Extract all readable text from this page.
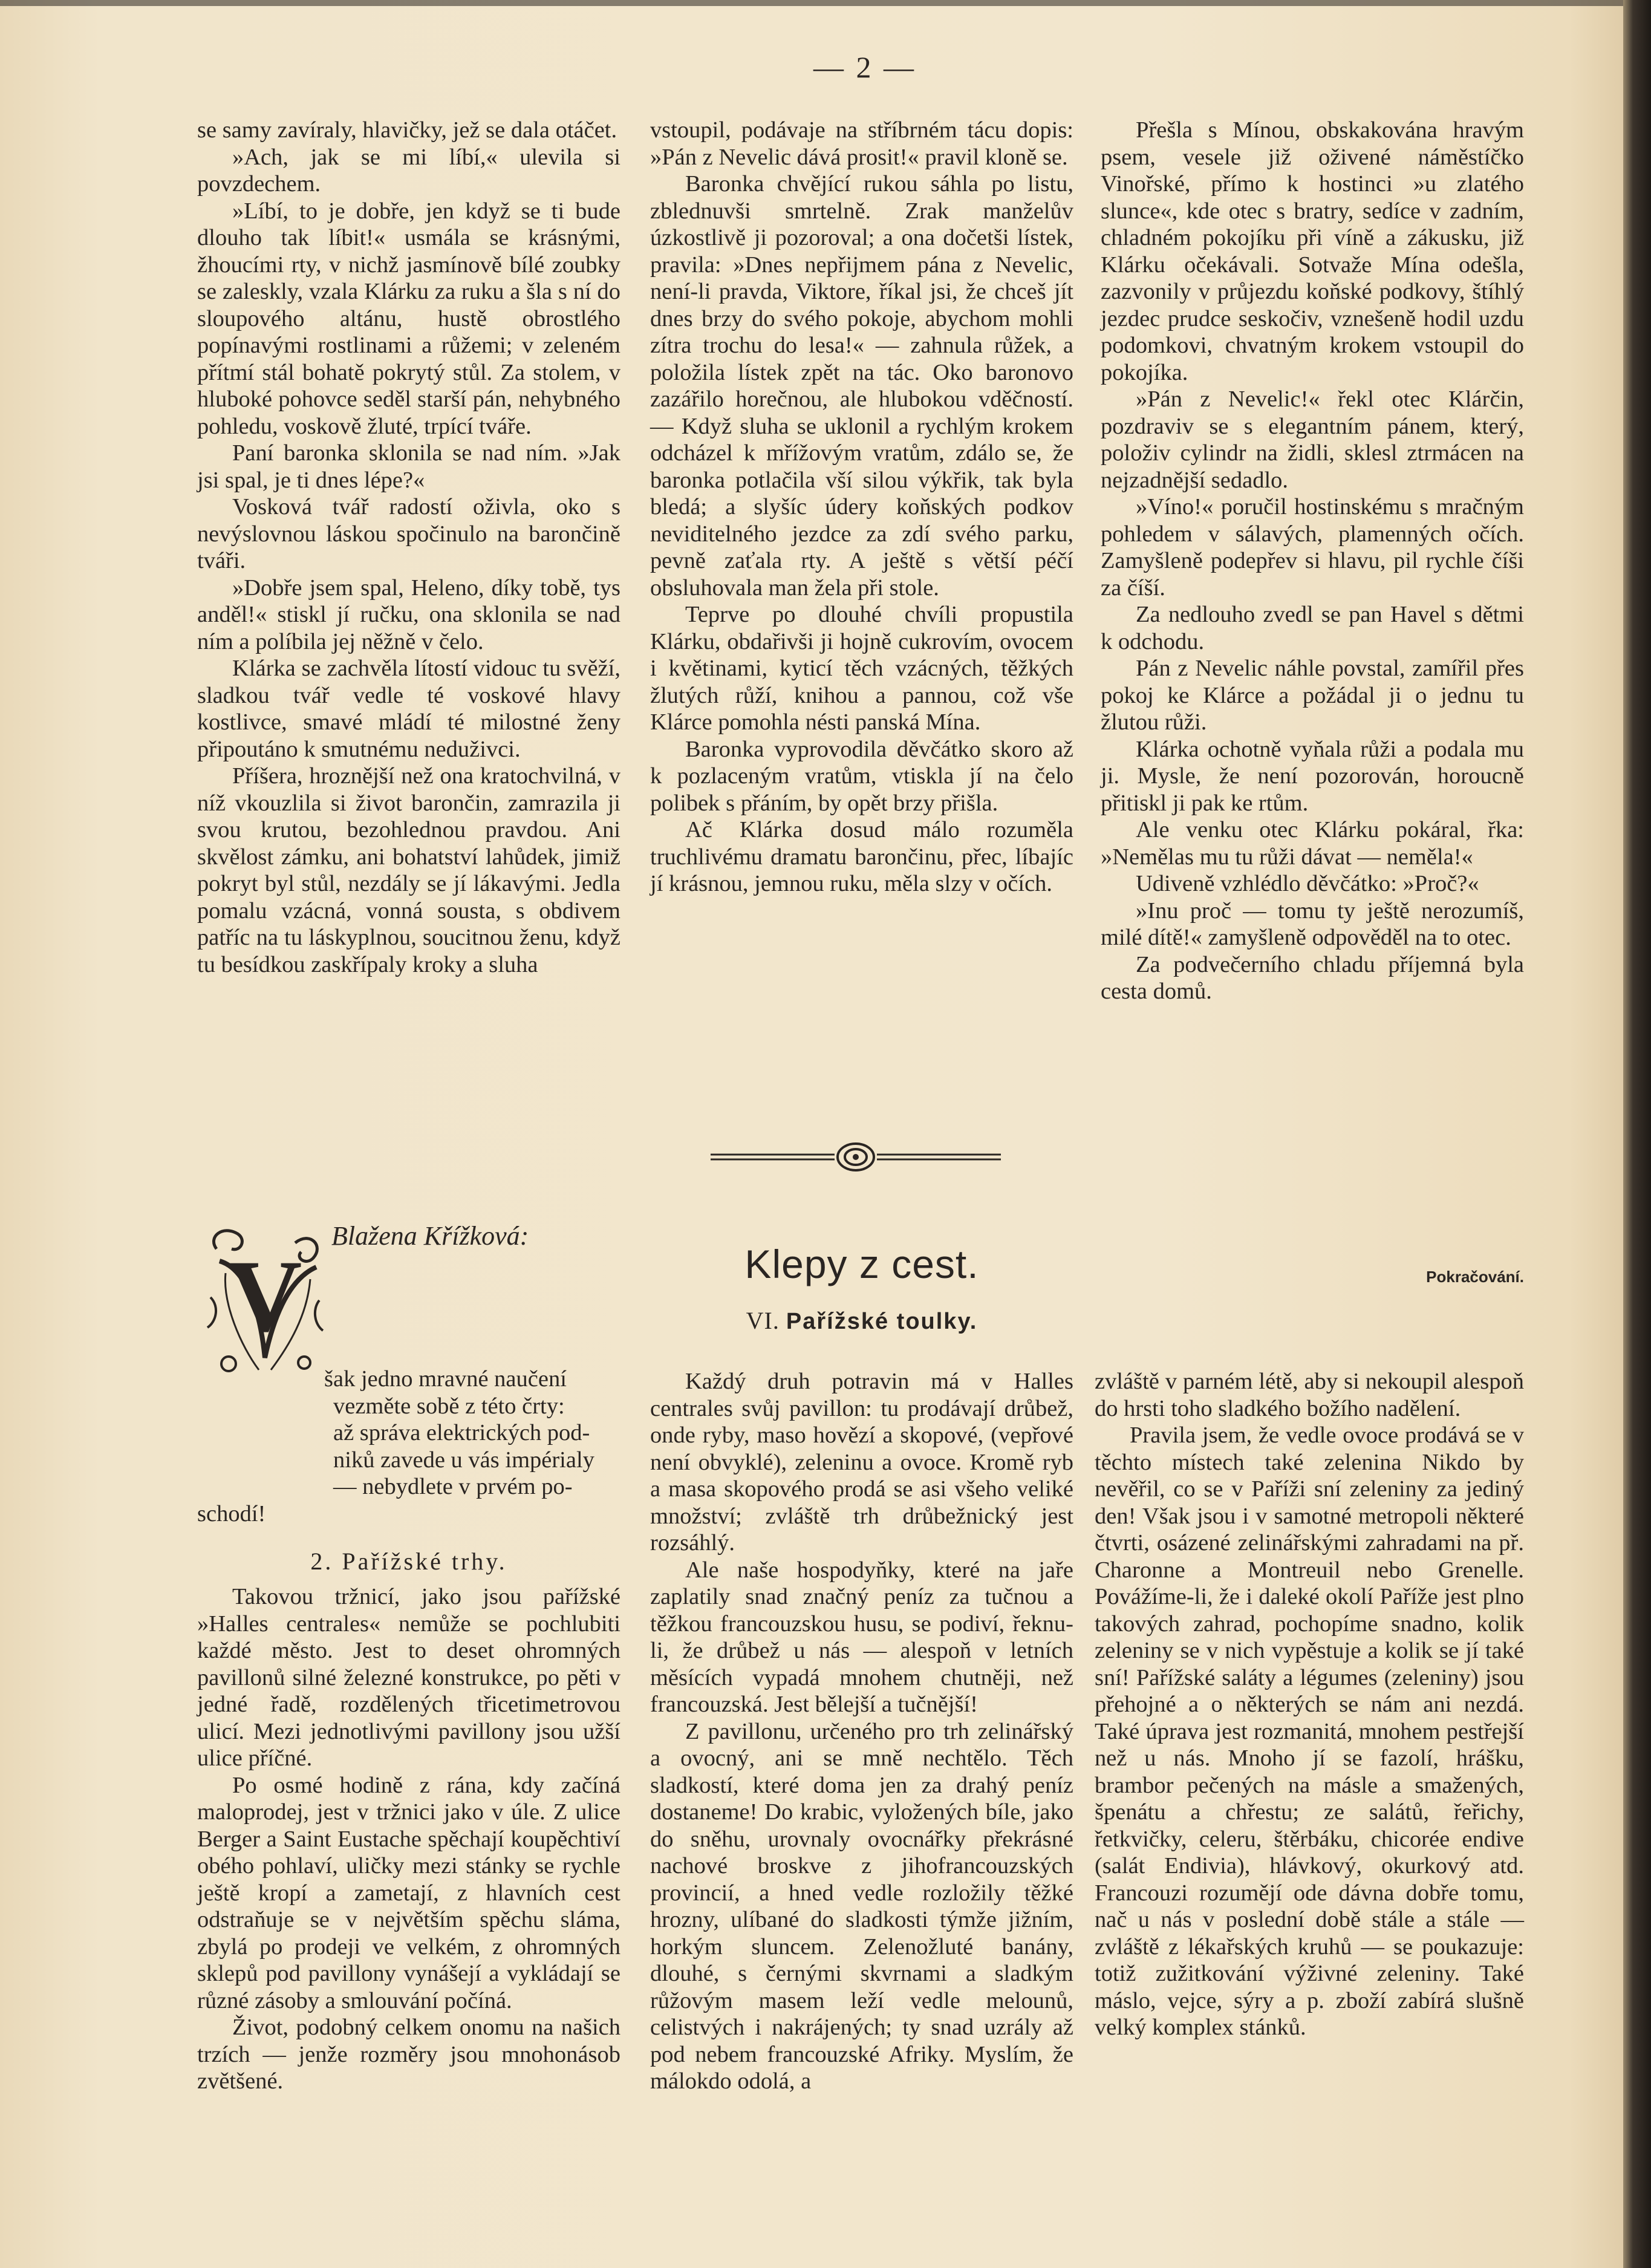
— 2 —

se samy zavíraly, hlavičky, jež se dala otáčet.

»Ach, jak se mi líbí,« ulevila si povzdechem.

»Líbí, to je dobře, jen když se ti bude dlouho tak líbit!« usmála se krásnými, žhoucími rty, v nichž jasmínově bílé zoubky se zaleskly, vzala Klárku za ruku a šla s ní do sloupového altánu, hustě obrostlého popínavými rostlinami a růžemi; v zeleném přítmí stál bohatě pokrytý stůl. Za stolem, v hluboké pohovce seděl starší pán, nehybného pohledu, voskově žluté, trpící tváře.

Paní baronka sklonila se nad ním. »Jak jsi spal, je ti dnes lépe?«

Vosková tvář radostí oživla, oko s nevýslovnou láskou spočinulo na barončině tváři.

»Dobře jsem spal, Heleno, díky tobě, tys anděl!« stiskl jí ručku, ona sklonila se nad ním a políbila jej něžně v čelo.

Klárka se zachvěla lítostí vidouc tu svěží, sladkou tvář vedle té voskové hlavy kostlivce, smavé mládí té milostné ženy připoutáno k smutnému neduživci.

Příšera, hroznější než ona kratochvilná, v níž vkouzlila si život barončin, zamrazila ji svou krutou, bezohlednou pravdou. Ani skvělost zámku, ani bohatství lahůdek, jimiž pokryt byl stůl, nezdály se jí lákavými. Jedla pomalu vzácná, vonná sousta, s obdivem patříc na tu láskyplnou, soucitnou ženu, když tu besídkou zaskřípaly kroky a sluha

vstoupil, podávaje na stříbrném tácu dopis: »Pán z Nevelic dává prosit!« pravil kloně se.

Baronka chvějící rukou sáhla po listu, zblednuvši smrtelně. Zrak manželův úzkostlivě ji pozoroval; a ona dočetši lístek, pravila: »Dnes nepřijmem pána z Nevelic, není-li pravda, Viktore, říkal jsi, že chceš jít dnes brzy do svého pokoje, abychom mohli zítra trochu do lesa!« — zahnula růžek, a položila lístek zpět na tác. Oko baronovo zazářilo horečnou, ale hlubokou vděčností. — Když sluha se uklonil a rychlým krokem odcházel k mřížovým vratům, zdálo se, že baronka potlačila vší silou výkřik, tak byla bledá; a slyšíc údery koňských podkov neviditelného jezdce za zdí svého parku, pevně zaťala rty. A ještě s větší péčí obsluhovala man žela při stole.

Teprve po dlouhé chvíli propustila Klárku, obdařivši ji hojně cukrovím, ovocem i květinami, kyticí těch vzácných, těžkých žlutých růží, knihou a pannou, což vše Klárce pomohla nésti panská Mína.

Baronka vyprovodila děvčátko skoro až k pozlaceným vratům, vtiskla jí na čelo polibek s přáním, by opět brzy přišla.

Ač Klárka dosud málo rozuměla truchlivému dramatu barončinu, přec, líbajíc jí krásnou, jemnou ruku, měla slzy v očích.

Přešla s Mínou, obskakována hravým psem, vesele již oživené náměstíčko Vinořské, přímo k hostinci »u zlatého slunce«, kde otec s bratry, sedíce v zadním, chladném pokojíku při víně a zákusku, již Klárku očekávali. Sotvaže Mína odešla, zazvonily v průjezdu koňské podkovy, štíhlý jezdec prudce seskočiv, vznešeně hodil uzdu podomkovi, chvatným krokem vstoupil do pokojíka.

»Pán z Nevelic!« řekl otec Klárčin, pozdraviv se s elegantním pánem, který, položiv cylindr na židli, sklesl ztrmácen na nejzadnější sedadlo.

»Víno!« poručil hostinskému s mračným pohledem v sálavých, plamenných očích. Zamyšleně podepřev si hlavu, pil rychle číši za číší.

Za nedlouho zvedl se pan Havel s dětmi k odchodu.

Pán z Nevelic náhle povstal, zamířil přes pokoj ke Klárce a požádal ji o jednu tu žlutou růži.

Klárka ochotně vyňala růži a podala mu ji. Mysle, že není pozorován, horoucně přitiskl ji pak ke rtům.

Ale venku otec Klárku pokáral, řka: »Nemělas mu tu růži dávat — neměla!«

Udiveně vzhlédlo děvčátko: »Proč?«

»Inu proč — tomu ty ještě nerozumíš, milé dítě!« zamyšleně odpověděl na to otec.

Za podvečerního chladu příjemná byla cesta domů.

Blažena Křížková:
V
šak jedno mravné naučení
vezměte sobě z této črty:
až správa elektrických pod-
niků zavede u vás impérialy
— nebydlete v prvém po-
schodí!
Klepy z cest.	Pokračování.
VI. Pařížské toulky.
2. Pařížské trhy.

Takovou tržnicí, jako jsou pařížské »Halles centrales« nemůže se pochlubiti každé město. Jest to deset ohromných pavillonů silné železné konstrukce, po pěti v jedné řadě, rozdělených třicetimetrovou ulicí. Mezi jednotlivými pavillony jsou užší ulice příčné.

Po osmé hodině z rána, kdy začíná maloprodej, jest v tržnici jako v úle. Z ulice Berger a Saint Eustache spěchají koupěchtiví obého pohlaví, uličky mezi stánky se rychle ještě kropí a zametají, z hlavních cest odstraňuje se v největším spěchu sláma, zbylá po prodeji ve velkém, z ohromných sklepů pod pavillony vynášejí a vykládají se různé zásoby a smlouvání počíná.

Život, podobný celkem onomu na našich trzích — jenže rozměry jsou mnohonásob zvětšené.

Každý druh potravin má v Halles centrales svůj pavillon: tu prodávají drůbež, onde ryby, maso hovězí a skopové, (vepřové není obvyklé), zeleninu a ovoce. Kromě ryb a masa skopového prodá se asi všeho veliké množství; zvláště trh drůbežnický jest rozsáhlý.

Ale naše hospodyňky, které na jaře zaplatily snad značný peníz za tučnou a těžkou francouzskou husu, se podiví, řeknu-li, že drůbež u nás — alespoň v letních měsících vypadá mnohem chutněji, než francouzská. Jest bělejší a tučnější!

Z pavillonu, určeného pro trh zelinářský a ovocný, ani se mně nechtělo. Těch sladkostí, které doma jen za drahý peníz dostaneme! Do krabic, vyložených bíle, jako do sněhu, urovnaly ovocnářky překrásné nachové broskve z jihofrancouzských provincií, a hned vedle rozložily těžké hrozny, ulíbané do sladkosti týmže jižním, horkým sluncem. Zelenožluté banány, dlouhé, s černými skvrnami a sladkým růžovým masem leží vedle melounů, celistvých i nakrájených; ty snad uzrály až pod nebem francouzské Afriky. Myslím, že málokdo odolá, a

zvláště v parném létě, aby si nekoupil alespoň do hrsti toho sladkého božího nadělení.

Pravila jsem, že vedle ovoce prodává se v těchto místech také zelenina Nikdo by nevěřil, co se v Paříži sní zeleniny za jediný den! Však jsou i v samotné metropoli některé čtvrti, osázené zelinářskými zahradami na př. Charonne a Montreuil nebo Grenelle. Povážíme-li, že i daleké okolí Paříže jest plno takových zahrad, pochopíme snadno, kolik zeleniny se v nich vypěstuje a kolik se jí také sní! Pařížské saláty a légumes (zeleniny) jsou přehojné a o některých se nám ani nezdá. Také úprava jest rozmanitá, mnohem pestřejší než u nás. Mnoho jí se fazolí, hrášku, brambor pečených na másle a smažených, špenátu a chřestu; ze salátů, řeřichy, řetkvičky, celeru, štěrbáku, chicorée endive (salát Endivia), hlávkový, okurkový atd. Francouzi rozumějí ode dávna dobře tomu, nač u nás v poslední době stále a stále — zvláště z lékařských kruhů — se poukazuje: totiž zužitkování výživné zeleniny. Také máslo, vejce, sýry a p. zboží zabírá slušně velký komplex stánků.
